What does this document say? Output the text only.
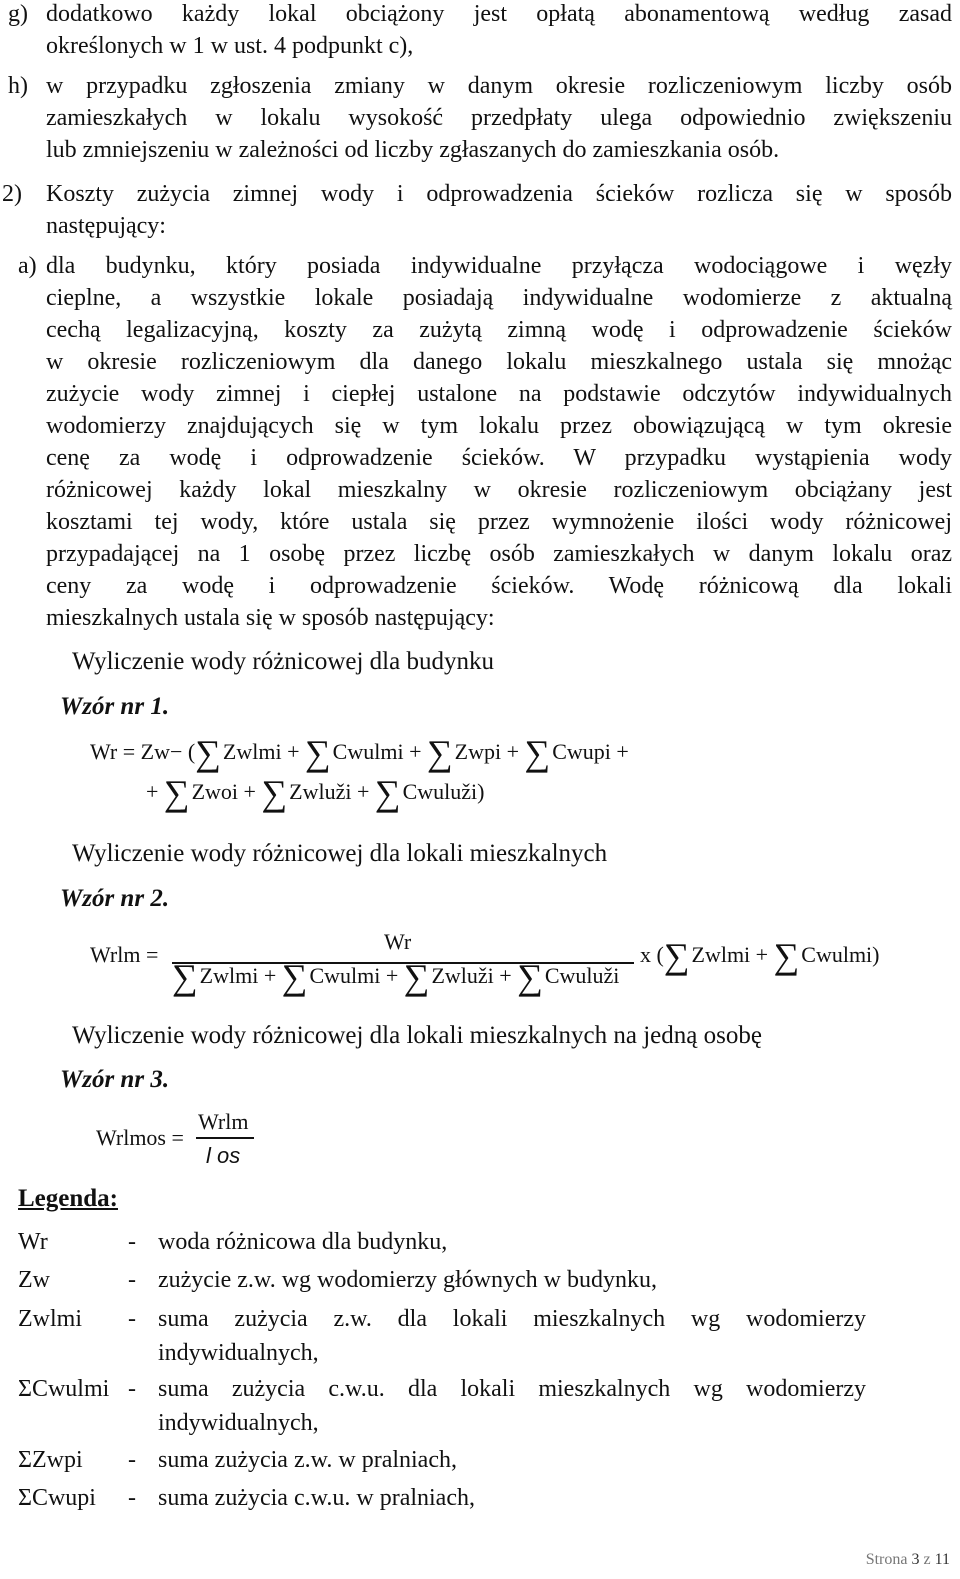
g) dodatkowo każdy lokal obciążony jest opłatą abonamentową według zasad
określonych w 1 w ust. 4 podpunkt c),
h) w przypadku zgłoszenia zmiany w danym okresie rozliczeniowym liczby osób
zamieszkałych w lokalu wysokość przedpłaty ulega odpowiednio zwiększeniu
lub zmniejszeniu w zależności od liczby zgłaszanych do zamieszkania osób.
2) Koszty zużycia zimnej wody i odprowadzenia ścieków rozlicza się w sposób
następujący:
a) dla budynku, który posiada indywidualne przyłącza wodociągowe i węzły
cieplne, a wszystkie lokale posiadają indywidualne wodomierze z aktualną
cechą legalizacyjną, koszty za zużytą zimną wodę i odprowadzenie ścieków
w okresie rozliczeniowym dla danego lokalu mieszkalnego ustala się mnożąc
zużycie wody zimnej i ciepłej ustalone na podstawie odczytów indywidualnych
wodomierzy znajdujących się w tym lokalu przez obowiązującą w tym okresie
cenę za wodę i odprowadzenie ścieków. W przypadku wystąpienia wody
różnicowej każdy lokal mieszkalny w okresie rozliczeniowym obciążany jest
kosztami tej wody, które ustala się przez wymnożenie ilości wody różnicowej
przypadającej na 1 osobę przez liczbę osób zamieszkałych w danym lokalu oraz
ceny za wodę i odprowadzenie ścieków. Wodę różnicową dla lokali
mieszkalnych ustala się w sposób następujący:
Wyliczenie wody różnicowej dla budynku
Wzór nr 1.
Wr = Zw− (∑Zwlmi + ∑Cwulmi + ∑Zwpi + ∑Cwupi +
+ ∑Zwoi + ∑Zwluži + ∑Cwuluži)
Wyliczenie wody różnicowej dla lokali mieszkalnych
Wzór nr 2.
Wrlm =
Wr
∑Zwlmi + ∑Cwulmi + ∑Zwluži + ∑Cwuluži
x (∑Zwlmi + ∑Cwulmi)
Wyliczenie wody różnicowej dla lokali mieszkalnych na jedną osobę
Wzór nr 3.
Wrlmos =
Wrlm
l os
Legenda:
Wr	- woda różnicowa dla budynku,
Zw	- zużycie z.w. wg wodomierzy głównych w budynku,
Zwlmi - suma zużycia z.w. dla lokali mieszkalnych wg wodomierzy
indywidualnych,
ΣCwulmi - suma zużycia c.w.u. dla lokali mieszkalnych wg wodomierzy
indywidualnych,
ΣZwpi - suma zużycia z.w. w pralniach,
ΣCwupi - suma zużycia c.w.u. w pralniach,
Strona 3 z 11
